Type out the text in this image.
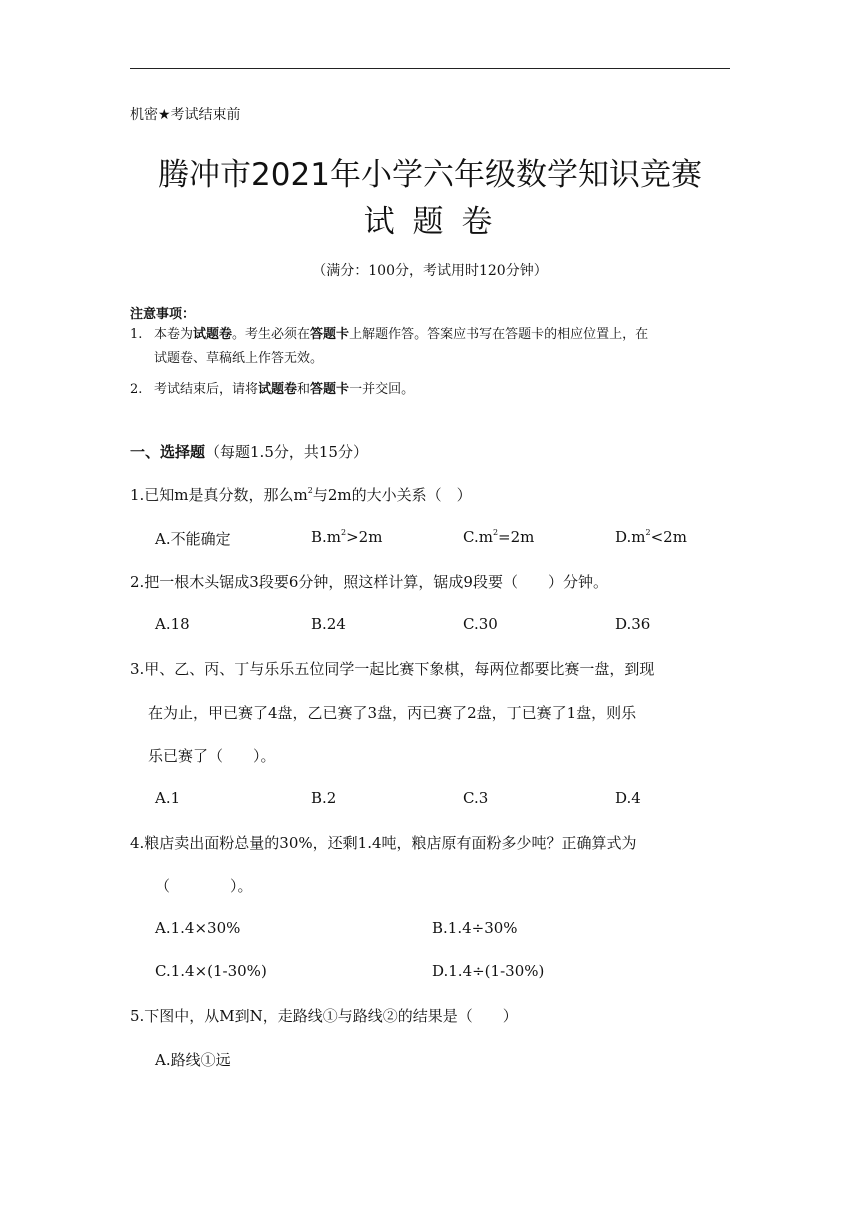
机密★考试结束前
腾冲市2021年小学六年级数学知识竞赛
试 题 卷
（满分：100分，考试用时120分钟）
注意事项：
1. 本卷为试题卷。考生必须在答题卡上解题作答。答案应书写在答题卡的相应位置上，在
试题卷、草稿纸上作答无效。
2. 考试结束后，请将试题卷和答题卡一并交回。
一、选择题（每题1.5分，共15分）
1.已知m是真分数，那么$m^2$与2m的大小关系（　）
A.不能确定	$B.m^2>2m$	$C.m^2=2m$	$D.m^2<2m$
2.把一根木头锯成3段要6分钟，照这样计算，锯成9段要（　　）分钟。
A.18	B.24	C.30	D.36
3.甲、乙、丙、丁与乐乐五位同学一起比赛下象棋，每两位都要比赛一盘，到现
在为止，甲已赛了4盘，乙已赛了3盘，丙已赛了2盘，丁已赛了1盘，则乐
乐已赛了（　　）。
A.1	B.2	C.3	D.4
4.粮店卖出面粉总量的30%，还剩1.4吨，粮店原有面粉多少吨？正确算式为
（　　　　）。
A.1.4×30%	B.1.4÷30%
C.1.4×(1-30%)	D.1.4÷(1-30%)
5.下图中，从M到N，走路线①与路线②的结果是（　　）
A.路线①远
